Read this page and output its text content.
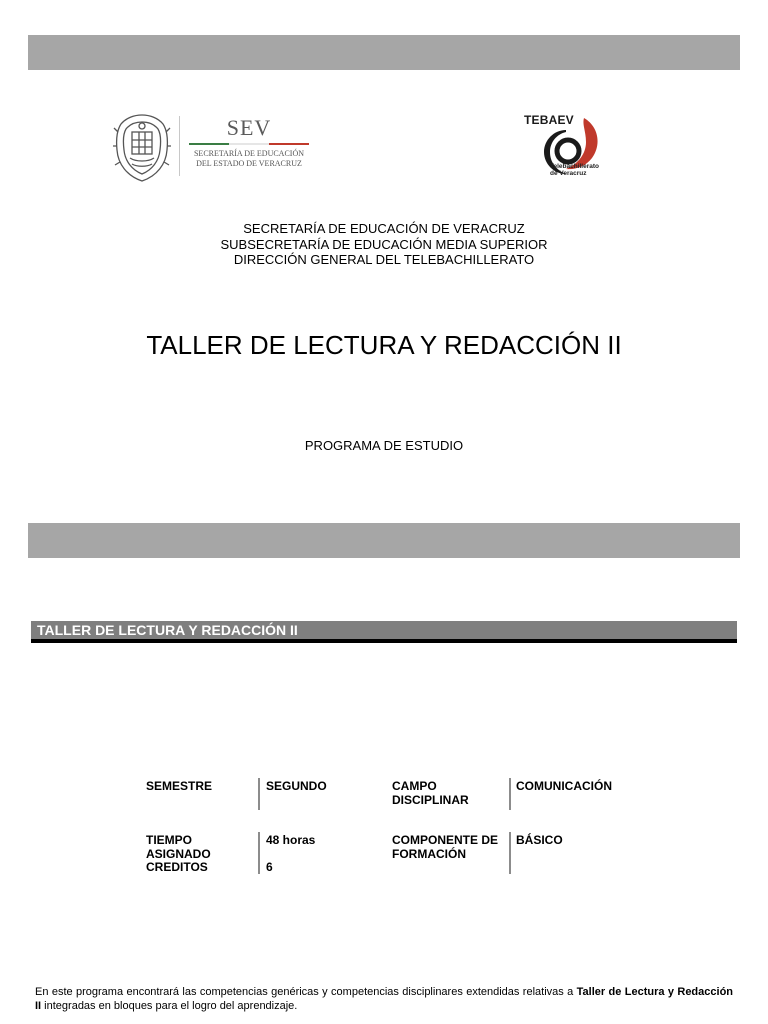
SEV
SECRETARÍA DE EDUCACIÓN
DEL ESTADO DE VERACRUZ
TEBAEV
Telebachillerato
de Veracruz
SECRETARÍA DE EDUCACIÓN DE VERACRUZ
SUBSECRETARÍA DE EDUCACIÓN MEDIA SUPERIOR
DIRECCIÓN GENERAL DEL TELEBACHILLERATO
TALLER DE LECTURA Y REDACCIÓN II
PROGRAMA DE ESTUDIO
TALLER DE LECTURA Y REDACCIÓN II
SEMESTRE	SEGUNDO	CAMPO
DISCIPLINAR
COMUNICACIÓN
TIEMPO
ASIGNADO
CREDITOS
48 horas
6
COMPONENTE DE
FORMACIÓN
BÁSICO

En este programa encontrará las competencias genéricas y competencias disciplinares extendidas relativas a Taller de Lectura y Redacción II integradas en bloques para el logro del aprendizaje.
